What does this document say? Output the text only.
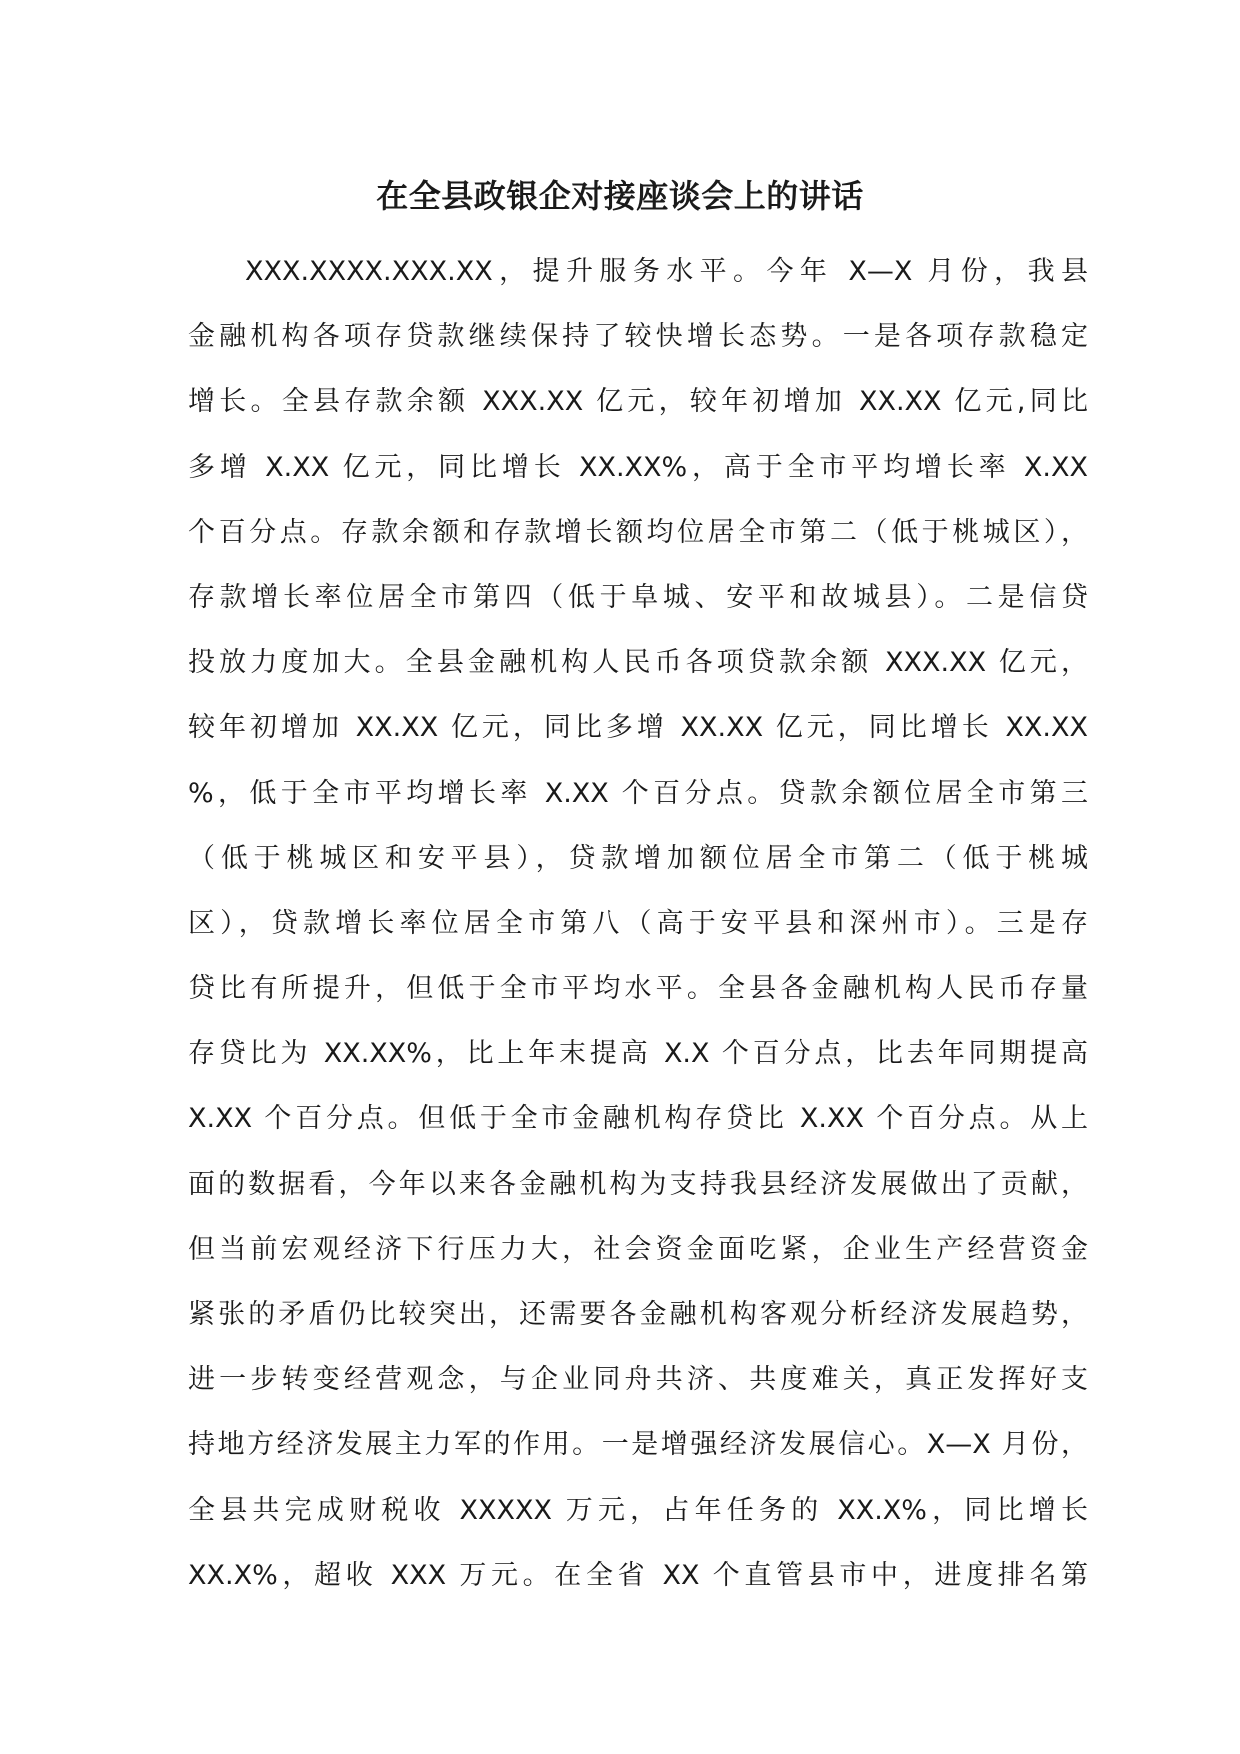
在全县政银企对接座谈会上的讲话
XXX.XXXX.XXX.XX，提升服务水平。今年 X—X 月份，我县
金融机构各项存贷款继续保持了较快增长态势。一是各项存款稳定
增长。全县存款余额 XXX.XX 亿元，较年初增加 XX.XX 亿元,同比
多增 X.XX 亿元，同比增长 XX.XX%，高于全市平均增长率 X.XX
个百分点。存款余额和存款增长额均位居全市第二（低于桃城区），
存款增长率位居全市第四（低于阜城、安平和故城县）。二是信贷
投放力度加大。全县金融机构人民币各项贷款余额 XXX.XX 亿元，
较年初增加 XX.XX 亿元，同比多增 XX.XX 亿元，同比增长 XX.XX
%，低于全市平均增长率 X.XX 个百分点。贷款余额位居全市第三
（低于桃城区和安平县），贷款增加额位居全市第二（低于桃城
区），贷款增长率位居全市第八（高于安平县和深州市）。三是存
贷比有所提升，但低于全市平均水平。全县各金融机构人民币存量
存贷比为 XX.XX%，比上年末提高 X.X 个百分点，比去年同期提高
X.XX 个百分点。但低于全市金融机构存贷比 X.XX 个百分点。从上
面的数据看，今年以来各金融机构为支持我县经济发展做出了贡献，
但当前宏观经济下行压力大，社会资金面吃紧，企业生产经营资金
紧张的矛盾仍比较突出，还需要各金融机构客观分析经济发展趋势，
进一步转变经营观念，与企业同舟共济、共度难关，真正发挥好支
持地方经济发展主力军的作用。一是增强经济发展信心。X—X 月份，
全县共完成财税收 XXXXX 万元，占年任务的 XX.X%，同比增长
XX.X%，超收 XXX 万元。在全省 XX 个直管县市中，进度排名第
